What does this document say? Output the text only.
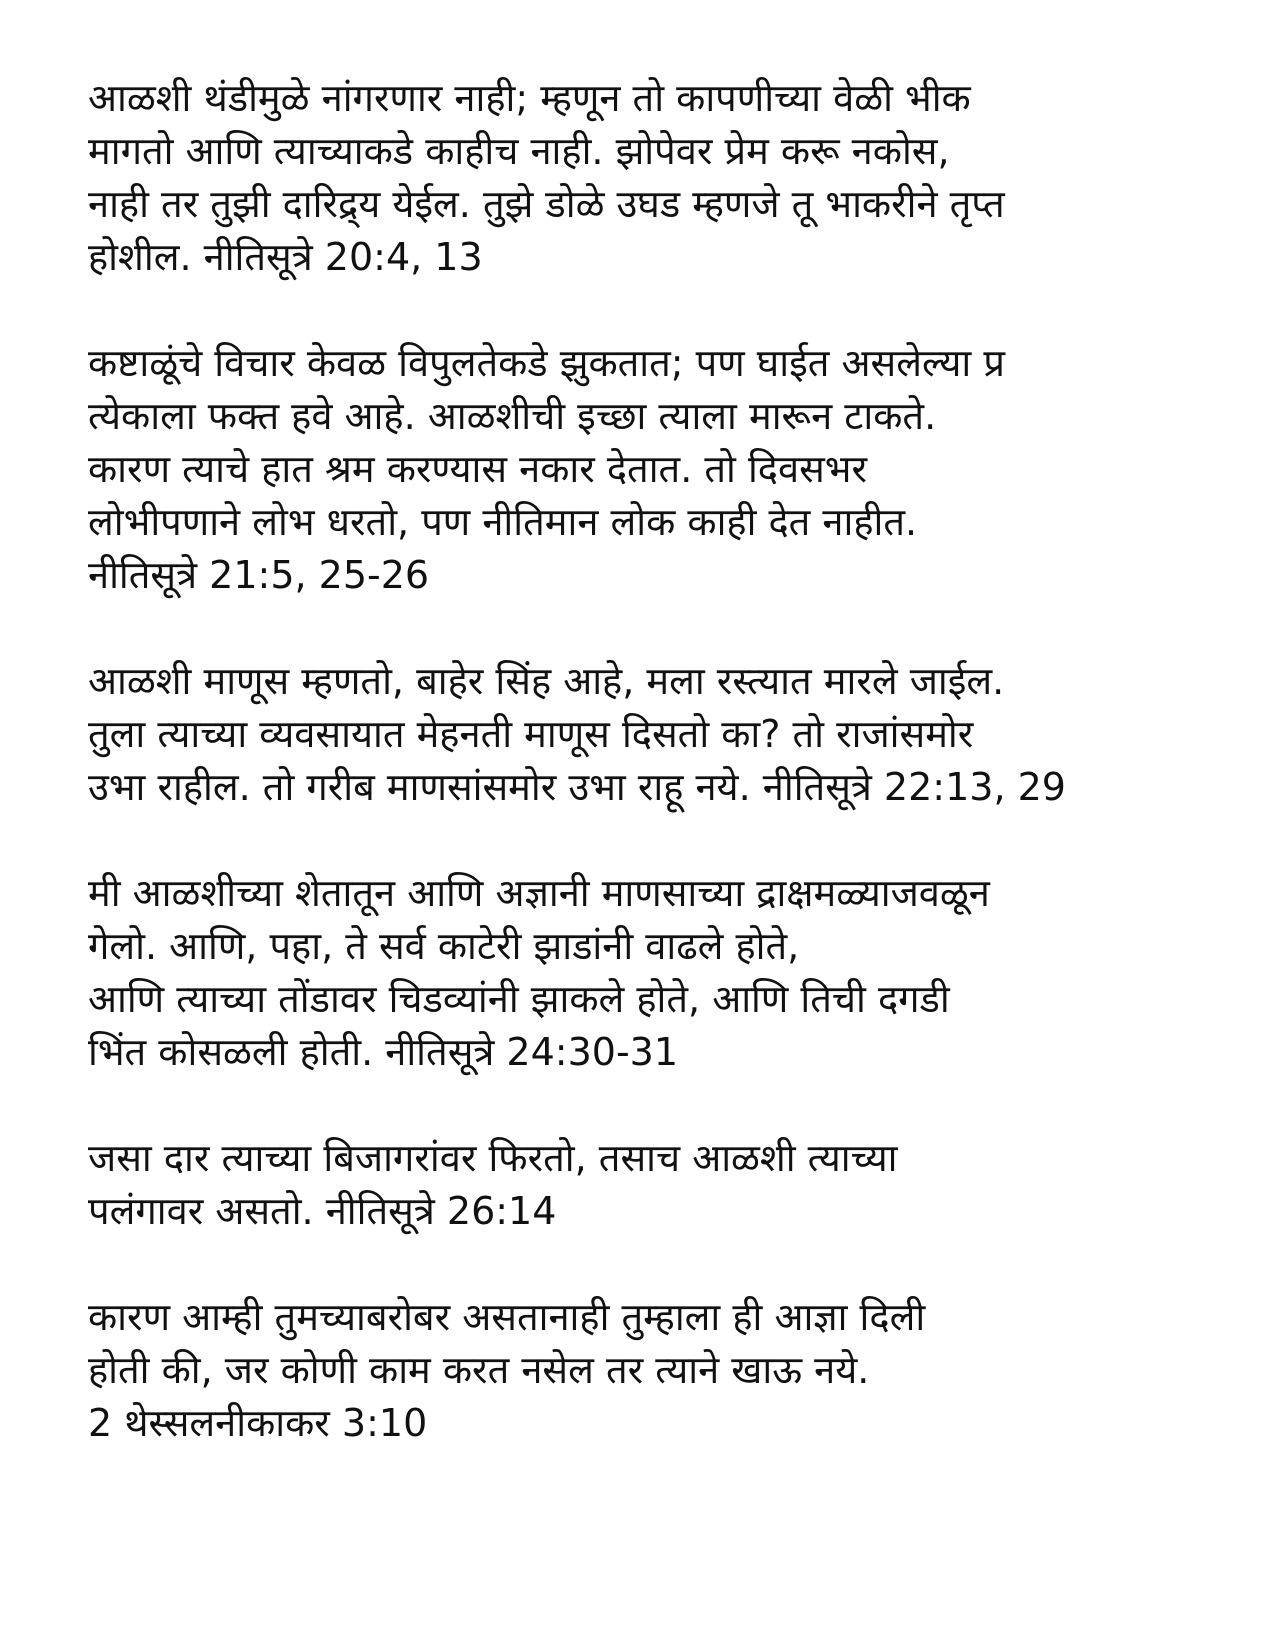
आळशी थंडीमुळे नांगरणार नाही; म्हणून तो कापणीच्या वेळी भीक
मागतो आणि त्याच्याकडे काहीच नाही. झोपेवर प्रेम करू नकोस,
नाही तर तुझी दारिद्र्य येईल. तुझे डोळे उघड म्हणजे तू भाकरीने तृप्त
होशील. नीतिसूत्रे 20:4, 13
कष्टाळूंचे विचार केवळ विपुलतेकडे झुकतात; पण घाईत असलेल्या प्र
त्येकाला फक्त हवे आहे. आळशीची इच्छा त्याला मारून टाकते.
कारण त्याचे हात श्रम करण्यास नकार देतात. तो दिवसभर
लोभीपणाने लोभ धरतो, पण नीतिमान लोक काही देत नाहीत.
नीतिसूत्रे 21:5, 25-26
आळशी माणूस म्हणतो, बाहेर सिंह आहे, मला रस्त्यात मारले जाईल.
तुला त्याच्या व्यवसायात मेहनती माणूस दिसतो का? तो राजांसमोर
उभा राहील. तो गरीब माणसांसमोर उभा राहू नये. नीतिसूत्रे 22:13, 29
मी आळशीच्या शेतातून आणि अज्ञानी माणसाच्या द्राक्षमळ्याजवळून
गेलो. आणि, पहा, ते सर्व काटेरी झाडांनी वाढले होते,
आणि त्याच्या तोंडावर चिडव्यांनी झाकले होते, आणि तिची दगडी
भिंत कोसळली होती. नीतिसूत्रे 24:30-31
जसा दार त्याच्या बिजागरांवर फिरतो, तसाच आळशी त्याच्या
पलंगावर असतो. नीतिसूत्रे 26:14
कारण आम्ही तुमच्याबरोबर असतानाही तुम्हाला ही आज्ञा दिली
होती की, जर कोणी काम करत नसेल तर त्याने खाऊ नये.
2 थेस्सलनीकाकर 3:10
